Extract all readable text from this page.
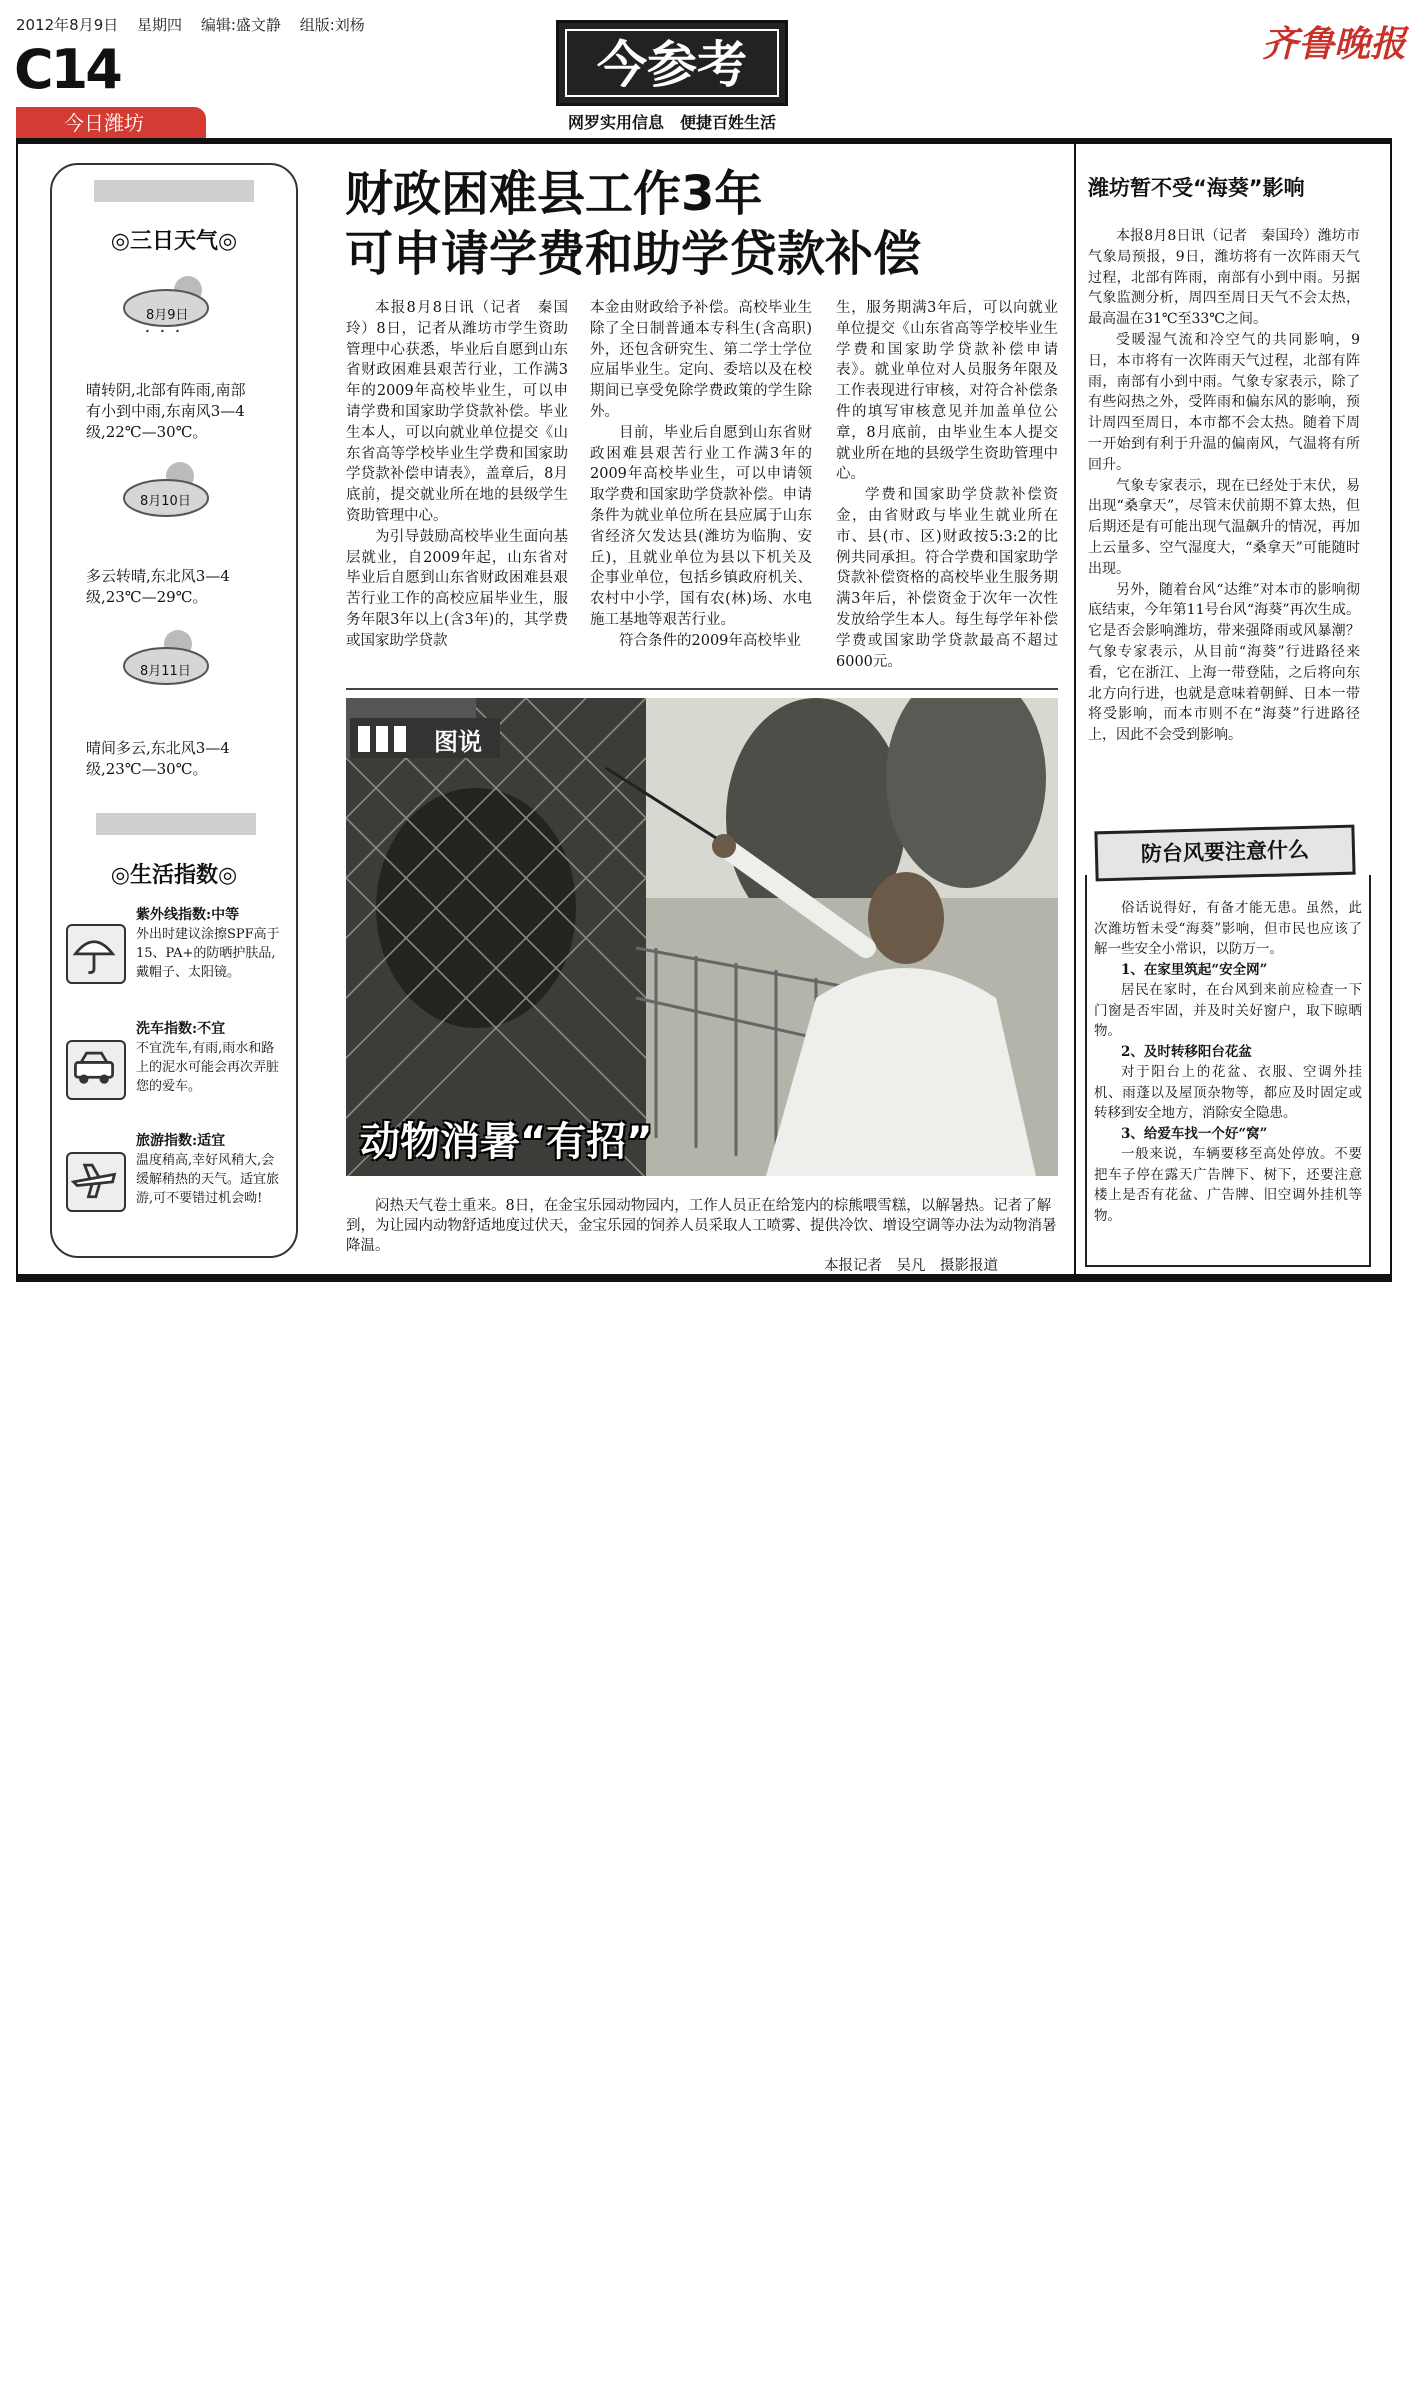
2012年8月9日 星期四 编辑:盛文静 组版:刘杨
C14
今日潍坊
今参考
网罗实用信息　便捷百姓生活
齐鲁晚报
◎三日天气◎
8月9日
晴转阴,北部有阵雨,南部有小到中雨,东南风3—4级,22℃—30℃。
8月10日
多云转晴,东北风3—4级,23℃—29℃。
8月11日
晴间多云,东北风3—4级,23℃—30℃。
◎生活指数◎
紫外线指数:中等
外出时建议涂擦SPF高于15、PA+的防晒护肤品,戴帽子、太阳镜。
洗车指数:不宜
不宜洗车,有雨,雨水和路上的泥水可能会再次弄脏您的爱车。
旅游指数:适宜
温度稍高,幸好风稍大,会缓解稍热的天气。适宜旅游,可不要错过机会呦!
财政困难县工作3年
可申请学费和助学贷款补偿

本报8月8日讯（记者　秦国玲）8日，记者从潍坊市学生资助管理中心获悉，毕业后自愿到山东省财政困难县艰苦行业，工作满3年的2009年高校毕业生，可以申请学费和国家助学贷款补偿。毕业生本人，可以向就业单位提交《山东省高等学校毕业生学费和国家助学贷款补偿申请表》，盖章后，8月底前，提交就业所在地的县级学生资助管理中心。

为引导鼓励高校毕业生面向基层就业，自2009年起，山东省对毕业后自愿到山东省财政困难县艰苦行业工作的高校应届毕业生，服务年限3年以上(含3年)的，其学费或国家助学贷款

本金由财政给予补偿。高校毕业生除了全日制普通本专科生(含高职)外，还包含研究生、第二学士学位应届毕业生。定向、委培以及在校期间已享受免除学费政策的学生除外。

目前，毕业后自愿到山东省财政困难县艰苦行业工作满3年的2009年高校毕业生，可以申请领取学费和国家助学贷款补偿。申请条件为就业单位所在县应属于山东省经济欠发达县(潍坊为临朐、安丘)，且就业单位为县以下机关及企事业单位，包括乡镇政府机关、农村中小学，国有农(林)场、水电施工基地等艰苦行业。

符合条件的2009年高校毕业

生，服务期满3年后，可以向就业单位提交《山东省高等学校毕业生学费和国家助学贷款补偿申请表》。就业单位对人员服务年限及工作表现进行审核，对符合补偿条件的填写审核意见并加盖单位公章，8月底前，由毕业生本人提交就业所在地的县级学生资助管理中心。

学费和国家助学贷款补偿资金，由省财政与毕业生就业所在市、县(市、区)财政按5:3:2的比例共同承担。符合学费和国家助学贷款补偿资格的高校毕业生服务期满3年后，补偿资金于次年一次性发放给学生本人。每生每学年补偿学费或国家助学贷款最高不超过6000元。

图说
动物消暑“有招”
闷热天气卷土重来。8日，在金宝乐园动物园内，工作人员正在给笼内的棕熊喂雪糕，以解暑热。记者了解到，为让园内动物舒适地度过伏天，金宝乐园的饲养人员采取人工喷雾、提供冷饮、增设空调等办法为动物消暑降温。
本报记者　吴凡　摄影报道
潍坊暂不受“海葵”影响

本报8月8日讯（记者　秦国玲）潍坊市气象局预报，9日，潍坊将有一次阵雨天气过程，北部有阵雨，南部有小到中雨。另据气象监测分析，周四至周日天气不会太热，最高温在31℃至33℃之间。

受暖湿气流和冷空气的共同影响，9日，本市将有一次阵雨天气过程，北部有阵雨，南部有小到中雨。气象专家表示，除了有些闷热之外，受阵雨和偏东风的影响，预计周四至周日，本市都不会太热。随着下周一开始到有利于升温的偏南风，气温将有所回升。

气象专家表示，现在已经处于末伏，易出现“桑拿天”，尽管末伏前期不算太热，但后期还是有可能出现气温飙升的情况，再加上云量多、空气湿度大，“桑拿天”可能随时出现。

另外，随着台风“达维”对本市的影响彻底结束，今年第11号台风“海葵”再次生成。它是否会影响潍坊，带来强降雨或风暴潮？气象专家表示，从目前“海葵”行进路径来看，它在浙江、上海一带登陆，之后将向东北方向行进，也就是意味着朝鲜、日本一带将受影响，而本市则不在“海葵”行进路径上，因此不会受到影响。

防台风要注意什么

俗话说得好，有备才能无患。虽然，此次潍坊暂未受“海葵”影响，但市民也应该了解一些安全小常识，以防万一。

1、在家里筑起“安全网”

居民在家时，在台风到来前应检查一下门窗是否牢固，并及时关好窗户，取下晾晒物。

2、及时转移阳台花盆

对于阳台上的花盆、衣服、空调外挂机、雨蓬以及屋顶杂物等，都应及时固定或转移到安全地方，消除安全隐患。

3、给爱车找一个好“窝”

一般来说，车辆要移至高处停放。不要把车子停在露天广告牌下、树下，还要注意楼上是否有花盆、广告牌、旧空调外挂机等物。
